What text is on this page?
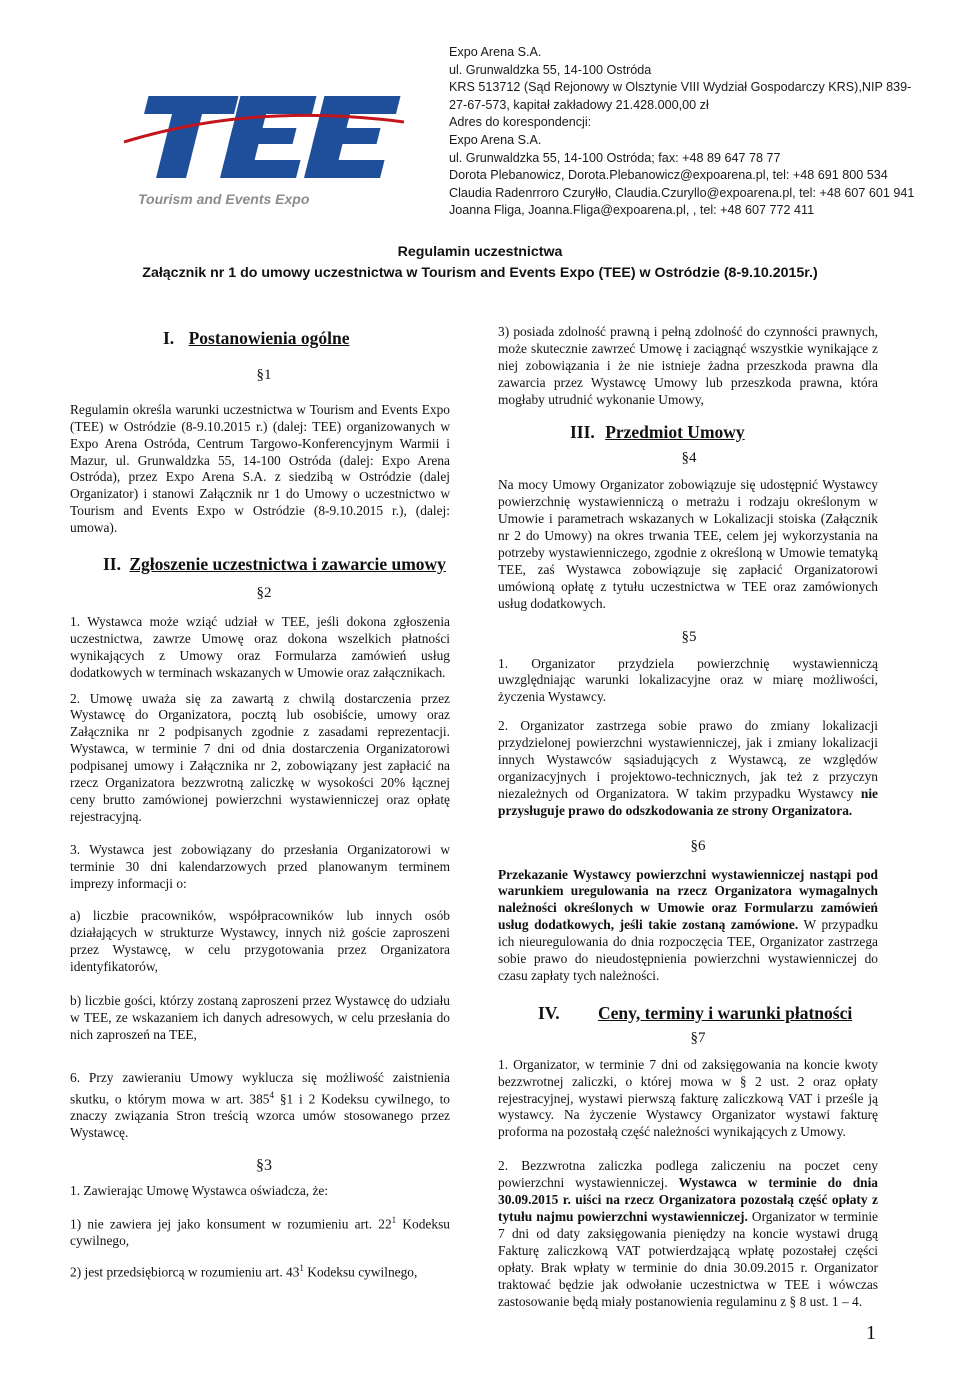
Tourism and Events Expo
Expo Arena S.A.
ul. Grunwaldzka 55, 14-100 Ostróda
KRS 513712 (Sąd Rejonowy w Olsztynie VIII Wydział Gospodarczy KRS),NIP 839-27-67-573, kapitał zakładowy 21.428.000,00 zł
Adres do korespondencji:
Expo Arena S.A.
ul. Grunwaldzka 55, 14-100 Ostróda; fax: +48 89 647 78 77
Dorota Plebanowicz, Dorota.Plebanowicz@expoarena.pl, tel: +48 691 800 534
Claudia Radenrroro Czuryłło, Claudia.Czuryllo@expoarena.pl, tel: +48 607 601 941
Joanna Fliga, Joanna.Fliga@expoarena.pl, , tel: +48 607 772 411
Regulamin uczestnictwa
Załącznik nr 1 do umowy uczestnictwa w Tourism and Events Expo (TEE) w Ostródzie (8-9.10.2015r.)
I. Postanowienia ogólne

§1

Regulamin określa warunki uczestnictwa w Tourism and Events Expo (TEE) w Ostródzie (8-9.10.2015 r.) (dalej: TEE) organizowanych w Expo Arena Ostróda, Centrum Targowo-Konferencyjnym Warmii i Mazur, ul. Grunwaldzka 55, 14-100 Ostróda (dalej: Expo Arena Ostróda), przez Expo Arena S.A. z siedzibą w Ostródzie (dalej Organizator) i stanowi Załącznik nr 1 do Umowy o uczestnictwo w Tourism and Events Expo w Ostródzie (8-9.10.2015 r.), (dalej: umowa).

II. Zgłoszenie uczestnictwa i zawarcie umowy

§2

1. Wystawca może wziąć udział w TEE, jeśli dokona zgłoszenia uczestnictwa, zawrze Umowę oraz dokona wszelkich płatności wynikających z Umowy oraz Formularza zamówień usług dodatkowych w terminach wskazanych w Umowie oraz załącznikach.

2. Umowę uważa się za zawartą z chwilą dostarczenia przez Wystawcę do Organizatora, pocztą lub osobiście, umowy oraz Załącznika nr 2 podpisanych zgodnie z zasadami reprezentacji. Wystawca, w terminie 7 dni od dnia dostarczenia Organizatorowi podpisanej umowy i Załącznika nr 2, zobowiązany jest zapłacić na rzecz Organizatora bezzwrotną zaliczkę w wysokości 20% łącznej ceny brutto zamówionej powierzchni wystawienniczej oraz opłatę rejestracyjną.

3. Wystawca jest zobowiązany do przesłania Organizatorowi w terminie 30 dni kalendarzowych przed planowanym terminem imprezy informacji o:

a) liczbie pracowników, współpracowników lub innych osób działających w strukturze Wystawcy, innych niż goście zaproszeni przez Wystawcę, w celu przygotowania przez Organizatora identyfikatorów,

b) liczbie gości, którzy zostaną zaproszeni przez Wystawcę do udziału w TEE, ze wskazaniem ich danych adresowych, w celu przesłania do nich zaproszeń na TEE,

6. Przy zawieraniu Umowy wyklucza się możliwość zaistnienia skutku, o którym mowa w art. $385^4$ §1 i 2 Kodeksu cywilnego, to znaczy związania Stron treścią wzorca umów stosowanego przez Wystawcę.

§3

1. Zawierając Umowę Wystawca oświadcza, że:

1) nie zawiera jej jako konsument w rozumieniu art. $22^1$ Kodeksu cywilnego,

2) jest przedsiębiorcą w rozumieniu art. $43^1$ Kodeksu cywilnego,

3) posiada zdolność prawną i pełną zdolność do czynności prawnych, może skutecznie zawrzeć Umowę i zaciągnąć wszystkie wynikające z niej zobowiązania i że nie istnieje żadna przeszkoda prawna dla zawarcia przez Wystawcę Umowy lub przeszkoda prawna, która mogłaby utrudnić wykonanie Umowy,

III. Przedmiot Umowy

§4

Na mocy Umowy Organizator zobowiązuje się udostępnić Wystawcy powierzchnię wystawienniczą o metrażu i rodzaju określonym w Umowie i parametrach wskazanych w Lokalizacji stoiska (Załącznik nr 2 do Umowy) na okres trwania TEE, celem jej wykorzystania na potrzeby wystawienniczego, zgodnie z określoną w Umowie tematyką TEE, zaś Wystawca zobowiązuje się zapłacić Organizatorowi umówioną opłatę z tytułu uczestnictwa w TEE oraz zamówionych usług dodatkowych.

§5

1. Organizator przydziela powierzchnię wystawienniczą uwzględniając warunki lokalizacyjne oraz w miarę możliwości, życzenia Wystawcy.

2. Organizator zastrzega sobie prawo do zmiany lokalizacji przydzielonej powierzchni wystawienniczej, jak i zmiany lokalizacji innych Wystawców sąsiadujących z Wystawcą, ze względów organizacyjnych i projektowo-technicznych, jak też z przyczyn niezależnych od Organizatora. W takim przypadku Wystawcy nie przysługuje prawo do odszkodowania ze strony Organizatora.

§6

Przekazanie Wystawcy powierzchni wystawienniczej nastąpi pod warunkiem uregulowania na rzecz Organizatora wymagalnych należności określonych w Umowie oraz Formularzu zamówień usług dodatkowych, jeśli takie zostaną zamówione. W przypadku ich nieuregulowania do dnia rozpoczęcia TEE, Organizator zastrzega sobie prawo do nieudostępnienia powierzchni wystawienniczej do czasu zapłaty tych należności.

IV. Ceny, terminy i warunki płatności

§7

1. Organizator, w terminie 7 dni od zaksięgowania na koncie kwoty bezzwrotnej zaliczki, o której mowa w § 2 ust. 2 oraz opłaty rejestracyjnej, wystawi pierwszą fakturę zaliczkową VAT i prześle ją wystawcy. Na życzenie Wystawcy Organizator wystawi fakturę proforma na pozostałą część należności wynikających z Umowy.

2. Bezzwrotna zaliczka podlega zaliczeniu na poczet ceny powierzchni wystawienniczej. Wystawca w terminie do dnia 30.09.2015 r. uiści na rzecz Organizatora pozostałą część opłaty z tytułu najmu powierzchni wystawienniczej. Organizator w terminie 7 dni od daty zaksięgowania pieniędzy na koncie wystawi drugą Fakturę zaliczkową VAT potwierdzającą wpłatę pozostałej części opłaty. Brak wpłaty w terminie do dnia 30.09.2015 r. Organizator traktować będzie jak odwołanie uczestnictwa w TEE i wówczas zastosowanie będą miały postanowienia regulaminu z § 8 ust. 1 – 4.

1
